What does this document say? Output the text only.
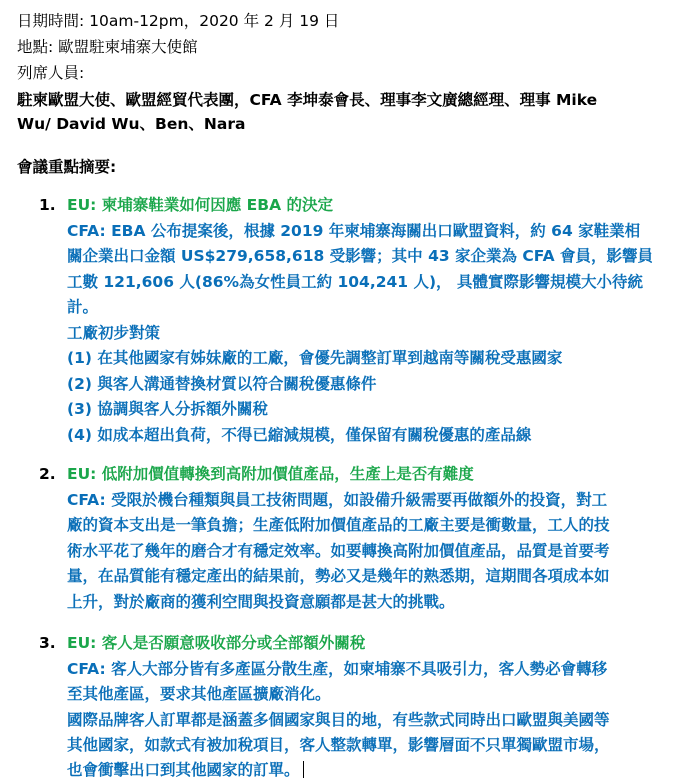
日期時間: 10am-12pm，2020 年 2 月 19 日
地點: 歐盟駐柬埔寨大使館
列席人員:
駐柬歐盟大使、歐盟經貿代表團，CFA 李坤泰會長、理事李文廣總經理、理事 Mike
Wu/ David Wu、Ben、Nara
會議重點摘要:
1. EU: 柬埔寨鞋業如何因應 EBA 的決定
CFA: EBA 公布提案後，根據 2019 年柬埔寨海關出口歐盟資料，約 64 家鞋業相
關企業出口金額 US$279,658,618 受影響；其中 43 家企業為 CFA 會員，影響員
工數 121,606 人(86%為女性員工約 104,241 人)， 具體實際影響規模大小待統
計。
工廠初步對策
(1) 在其他國家有姊妹廠的工廠，會優先調整訂單到越南等關稅受惠國家
(2) 與客人溝通替換材質以符合關稅優惠條件
(3) 協調與客人分拆額外關稅
(4) 如成本超出負荷，不得已縮減規模，僅保留有關稅優惠的產品線
2. EU: 低附加價值轉換到高附加價值產品，生產上是否有難度
CFA: 受限於機台種類與員工技術問題，如設備升級需要再做額外的投資，對工
廠的資本支出是一筆負擔；生產低附加價值產品的工廠主要是衝數量，工人的技
術水平花了幾年的磨合才有穩定效率。如要轉換高附加價值產品，品質是首要考
量，在品質能有穩定產出的結果前，勢必又是幾年的熟悉期，這期間各項成本如
上升，對於廠商的獲利空間與投資意願都是甚大的挑戰。
3. EU: 客人是否願意吸收部分或全部額外關稅
CFA: 客人大部分皆有多產區分散生產，如柬埔寨不具吸引力，客人勢必會轉移
至其他產區，要求其他產區擴廠消化。
國際品牌客人訂單都是涵蓋多個國家與目的地，有些款式同時出口歐盟與美國等
其他國家，如款式有被加稅項目，客人整款轉單，影響層面不只單獨歐盟市場，
也會衝擊出口到其他國家的訂單。
